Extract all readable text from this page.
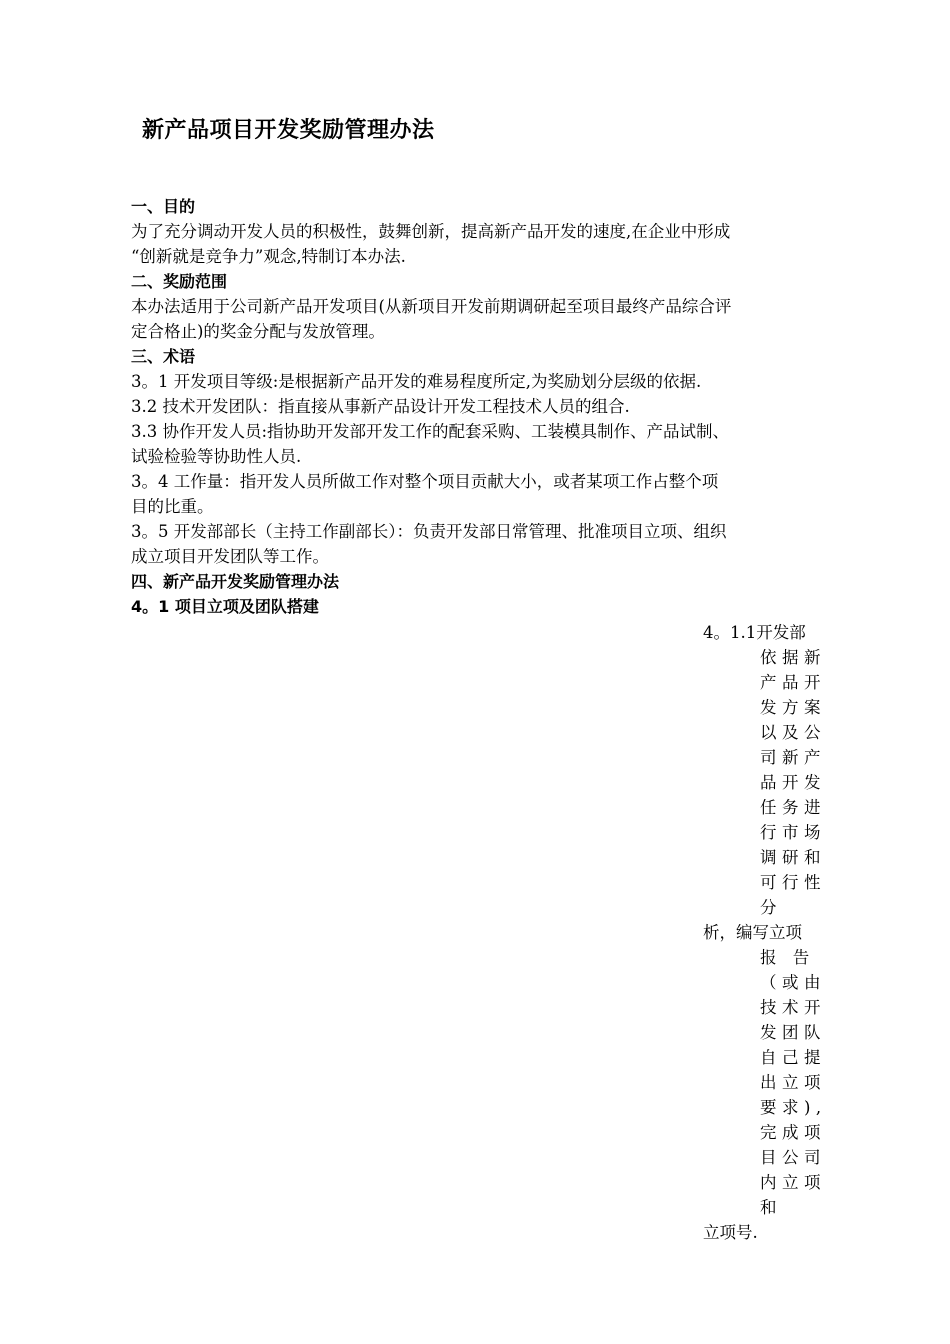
新产品项目开发奖励管理办法
一、目的
为了充分调动开发人员的积极性，鼓舞创新，提高新产品开发的速度,在企业中形成
“创新就是竞争力”观念,特制订本办法.
二、奖励范围
本办法适用于公司新产品开发项目(从新项目开发前期调研起至项目最终产品综合评
定合格止)的奖金分配与发放管理。
三、术语
3。1 开发项目等级:是根据新产品开发的难易程度所定,为奖励划分层级的依据.
3.2 技术开发团队：指直接从事新产品设计开发工程技术人员的组合.
3.3 协作开发人员:指协助开发部开发工作的配套采购、工装模具制作、产品试制、
试验检验等协助性人员.
3。4 工作量：指开发人员所做工作对整个项目贡献大小，或者某项工作占整个项
目的比重。
3。5 开发部部长（主持工作副部长）：负责开发部日常管理、批准项目立项、组织
成立项目开发团队等工作。
四、新产品开发奖励管理办法
4。1 项目立项及团队搭建
4。1.1开发部
依据新
产品开
发方案
以及公
司新产
品开发
任务进
行市场
调研和
可行性
分
析，编写立项
报 告
（或由
技术开
发团队
自己提
出立项
要求),
完成项
目公司
内立项
和
立项号.
